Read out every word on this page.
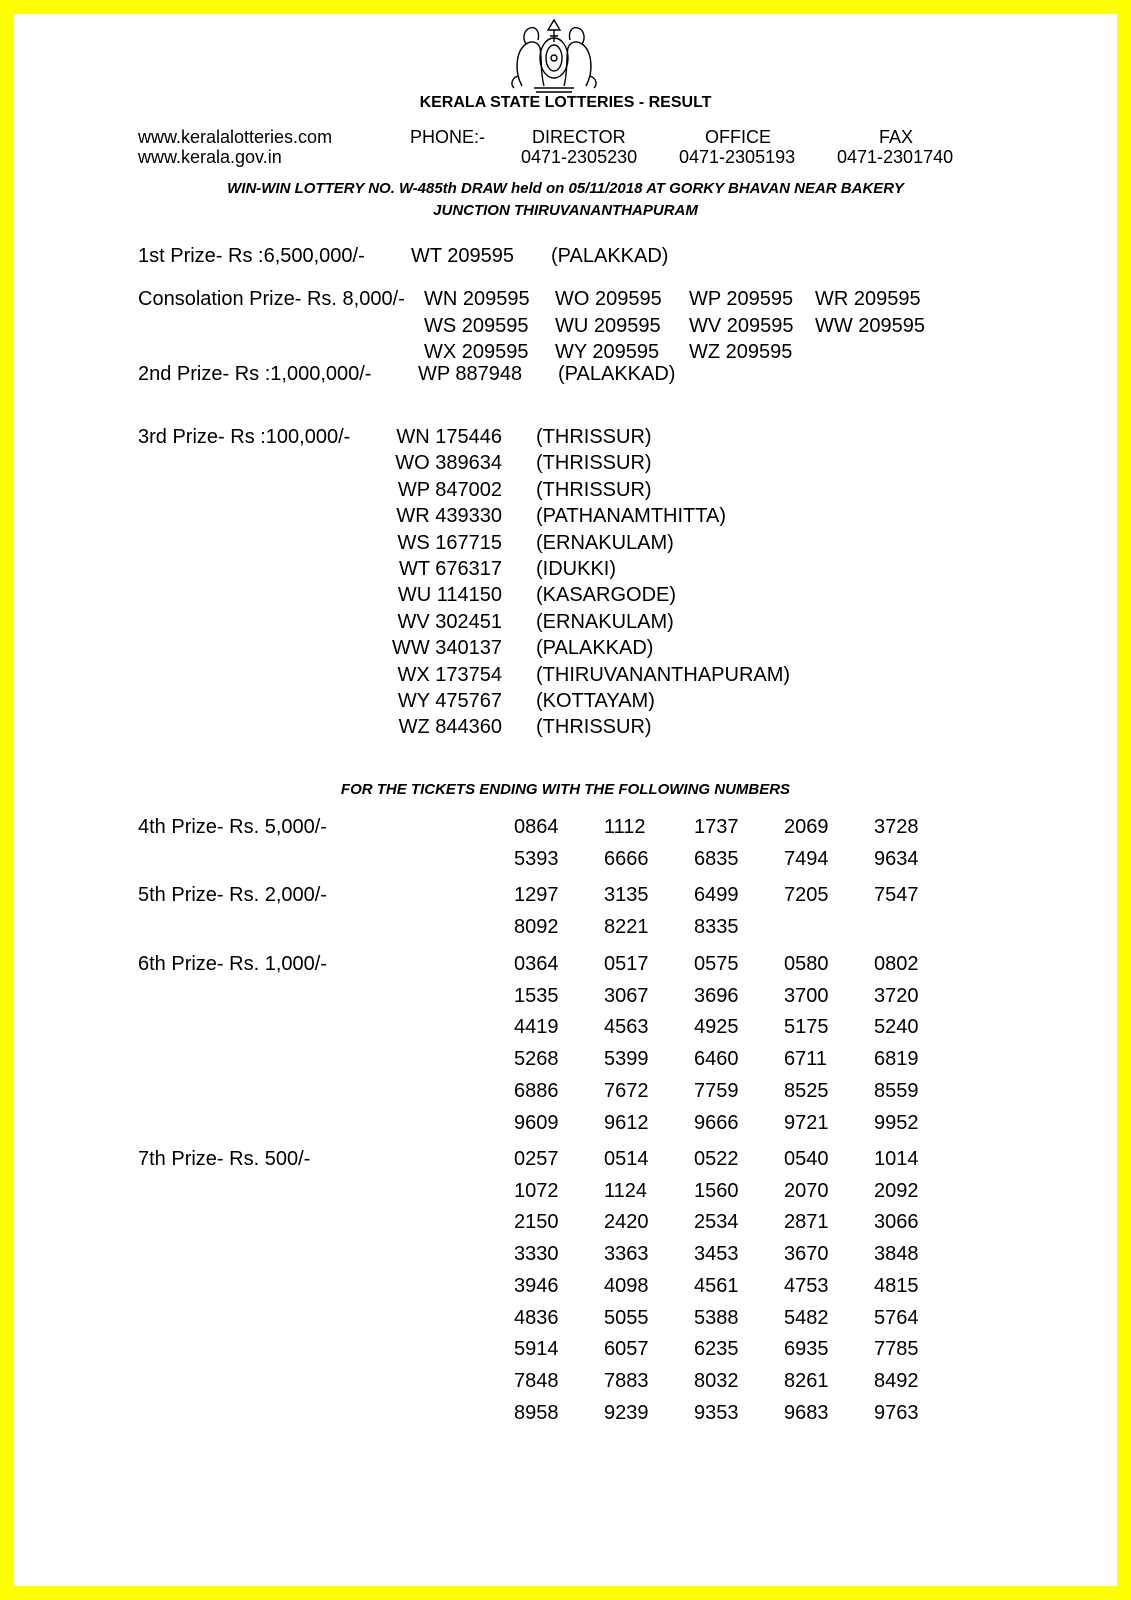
KERALA STATE LOTTERIES - RESULT
www.keralalotteries.com
www.kerala.gov.in
PHONE:-	DIRECTOR
0471-2305230
OFFICE
0471-2305193
FAX
0471-2301740
WIN-WIN LOTTERY NO. W-485th DRAW held on 05/11/2018 AT GORKY BHAVAN NEAR BAKERY
JUNCTION THIRUVANANTHAPURAM
1st Prize- Rs :6,500,000/- WT 209595 (PALAKKAD)
Consolation Prize- Rs. 8,000/- WN 209595 WO 209595 WP 209595 WR 209595
WS 209595 WU 209595 WV 209595 WW 209595
WX 209595 WY 209595 WZ 209595
2nd Prize- Rs :1,000,000/- WP 887948 (PALAKKAD)
3rd Prize- Rs :100,000/-	WN 175446 (THRISSUR)
WO 389634 (THRISSUR)
WP 847002 (THRISSUR)
WR 439330 (PATHANAMTHITTA)
WS 167715 (ERNAKULAM)
WT 676317 (IDUKKI)
WU 114150 (KASARGODE)
WV 302451 (ERNAKULAM)
WW 340137 (PALAKKAD)
WX 173754 (THIRUVANANTHAPURAM)
WY 475767 (KOTTAYAM)
WZ 844360 (THRISSUR)
FOR THE TICKETS ENDING WITH THE FOLLOWING NUMBERS
4th Prize- Rs. 5,000/-	0864 1112 1737 2069 3728
5393 6666 6835 7494 9634
5th Prize- Rs. 2,000/-	1297 3135 6499 7205 7547
8092 8221 8335
6th Prize- Rs. 1,000/-	0364 0517 0575 0580 0802
1535 3067 3696 3700 3720
4419 4563 4925 5175 5240
5268 5399 6460 6711 6819
6886 7672 7759 8525 8559
9609 9612 9666 9721 9952
7th Prize- Rs. 500/-	0257 0514 0522 0540 1014
1072 1124 1560 2070 2092
2150 2420 2534 2871 3066
3330 3363 3453 3670 3848
3946 4098 4561 4753 4815
4836 5055 5388 5482 5764
5914 6057 6235 6935 7785
7848 7883 8032 8261 8492
8958 9239 9353 9683 9763
